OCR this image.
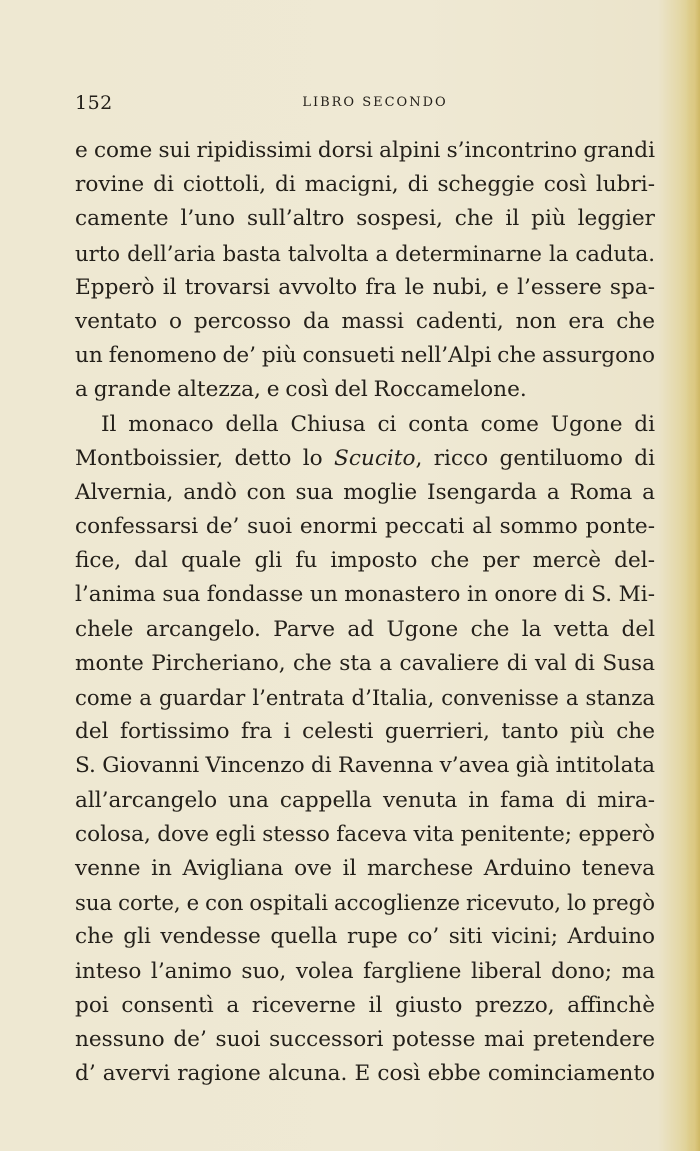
152	LIBRO SECONDO
e come sui ripidissimi dorsi alpini s’incontrino grandi
rovine di ciottoli, di macigni, di scheggie così lubri-
camente l’uno sull’altro sospesi, che il più leggier
urto dell’aria basta talvolta a determinarne la caduta.
Epperò il trovarsi avvolto fra le nubi, e l’essere spa-
ventato o percosso da massi cadenti, non era che
un fenomeno de’ più consueti nell’Alpi che assurgono
a grande altezza, e così del Roccamelone.
Il monaco della Chiusa ci conta come Ugone di
Montboissier, detto lo Scucito, ricco gentiluomo di
Alvernia, andò con sua moglie Isengarda a Roma a
confessarsi de’ suoi enormi peccati al sommo ponte-
fice, dal quale gli fu imposto che per mercè del-
l’anima sua fondasse un monastero in onore di S. Mi-
chele arcangelo. Parve ad Ugone che la vetta del
monte Pircheriano, che sta a cavaliere di val di Susa
come a guardar l’entrata d’Italia, convenisse a stanza
del fortissimo fra i celesti guerrieri, tanto più che
S. Giovanni Vincenzo di Ravenna v’avea già intitolata
all’arcangelo una cappella venuta in fama di mira-
colosa, dove egli stesso faceva vita penitente; epperò
venne in Avigliana ove il marchese Arduino teneva
sua corte, e con ospitali accoglienze ricevuto, lo pregò
che gli vendesse quella rupe co’ siti vicini; Arduino
inteso l’animo suo, volea fargliene liberal dono; ma
poi consentì a riceverne il giusto prezzo, affinchè
nessuno de’ suoi successori potesse mai pretendere
d’ avervi ragione alcuna. E così ebbe cominciamento
